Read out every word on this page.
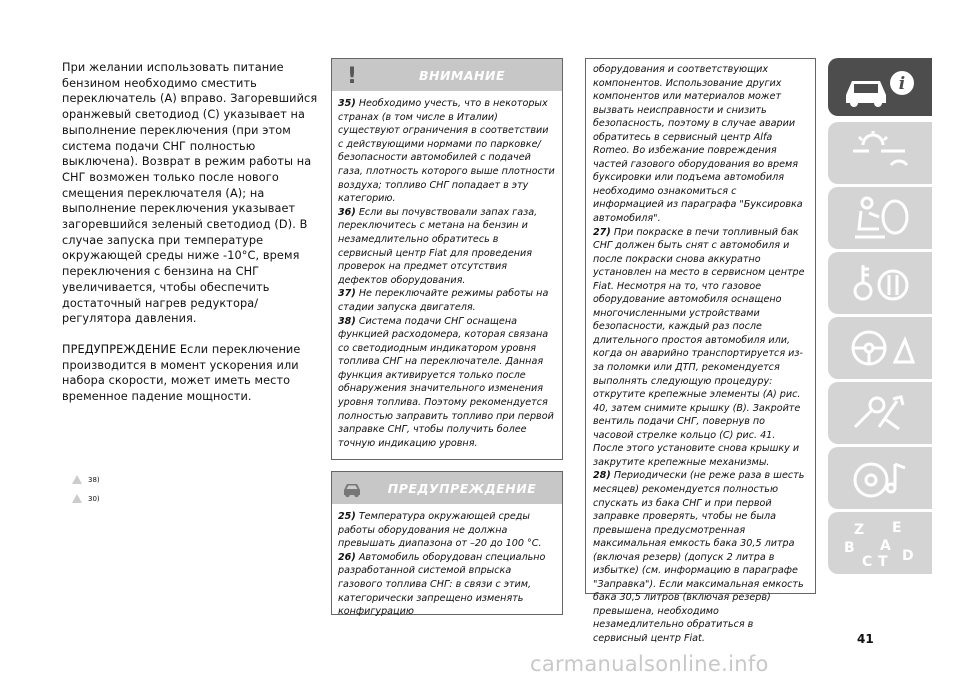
При желании использовать питание бензином необходимо сместить переключатель (A) вправо. Загоревшийся оранжевый светодиод (C) указывает на выполнение переключения (при этом система подачи СНГ полностью выключена). Возврат в режим работы на СНГ возможен только после нового смещения переключателя (A); на выполнение переключения указывает загоревшийся зеленый светодиод (D). В случае запуска при температуре окружающей среды ниже -10°C, время переключения с бензина на СНГ увеличивается, чтобы обеспечить достаточный нагрев редуктора/регулятора давления.

ПРЕДУПРЕЖДЕНИЕ Если переключение производится в момент ускорения или набора скорости, может иметь место временное падение мощности.

38)
30)
!	ВНИМАНИЕ

35) Необходимо учесть, что в некоторых странах (в том числе в Италии) существуют ограничения в соответствии с действующими нормами по парковке/безопасности автомобилей с подачей газа, плотность которого выше плотности воздуха; топливо СНГ попадает в эту категорию.

36) Если вы почувствовали запах газа, переключитесь с метана на бензин и незамедлительно обратитесь в сервисный центр Fiat для проведения проверок на предмет отсутствия дефектов оборудования.

37) Не переключайте режимы работы на стадии запуска двигателя.

38) Система подачи СНГ оснащена функцией расходомера, которая связана со светодиодным индикатором уровня топлива СНГ на переключателе. Данная функция активируется только после обнаружения значительного изменения уровня топлива. Поэтому рекомендуется полностью заправить топливо при первой заправке СНГ, чтобы получить более точную индикацию уровня.

ПРЕДУПРЕЖДЕНИЕ

25) Температура окружающей среды работы оборудования не должна превышать диапазона от –20 до 100 °C.

26) Автомобиль оборудован специально разработанной системой впрыска газового топлива СНГ: в связи с этим, категорически запрещено изменять конфигурацию

оборудования и соответствующих компонентов. Использование других компонентов или материалов может вызвать неисправности и снизить безопасность, поэтому в случае аварии обратитесь в сервисный центр Alfa Romeo. Во избежание повреждения частей газового оборудования во время буксировки или подъема автомобиля необходимо ознакомиться с информацией из параграфа "Буксировка автомобиля".

27) При покраске в печи топливный бак СНГ должен быть снят с автомобиля и после покраски снова аккуратно установлен на место в сервисном центре Fiat. Несмотря на то, что газовое оборудование автомобиля оснащено многочисленными устройствами безопасности, каждый раз после длительного простоя автомобиля или, когда он аварийно транспортируется из-за поломки или ДТП, рекомендуется выполнять следующую процедуру: открутите крепежные элементы (A) рис. 40, затем снимите крышку (B). Закройте вентиль подачи СНГ, повернув по часовой стрелке кольцо (C) рис. 41. После этого установите снова крышку и закрутите крепежные механизмы.

28) Периодически (не реже раза в шесть месяцев) рекомендуется полностью спускать из бака СНГ и при первой заправке проверять, чтобы не была превышена предусмотренная максимальная емкость бака 30,5 литра (включая резерв) (допуск 2 литра в избытке) (см. информацию в параграфе "Заправка"). Если максимальная емкость бака 30,5 литров (включая резерв) превышена, необходимо незамедлительно обратиться в сервисный центр Fiat.

i
Z E
B A
C D
T
41
carmanualsonline.info
